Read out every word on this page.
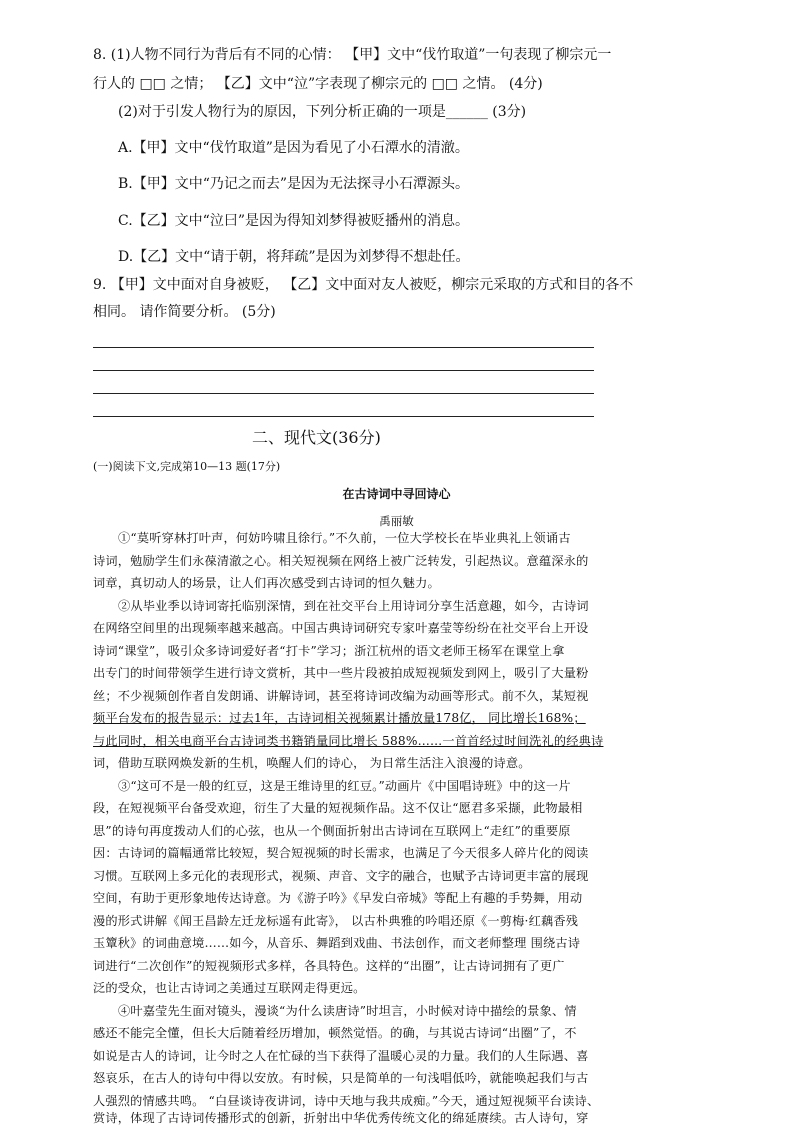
8. (1)人物不同行为背后有不同的心情： 【甲】文中“伐竹取道”一句表现了柳宗元一
行人的 □□ 之情； 【乙】文中“泣”字表现了柳宗元的 □□ 之情。 (4分)
(2)对于引发人物行为的原因，下列分析正确的一项是______ (3分)
A.【甲】文中“伐竹取道”是因为看见了小石潭水的清澈。
B.【甲】文中“乃记之而去”是因为无法探寻小石潭源头。
C.【乙】文中“泣曰”是因为得知刘梦得被贬播州的消息。
D.【乙】文中“请于朝，将拜疏”是因为刘梦得不想赴任。
9. 【甲】文中面对自身被贬， 【乙】文中面对友人被贬，柳宗元采取的方式和目的各不
相同。 请作简要分析。 (5分)
二、现代文(36分)
(一)阅读下文,完成第10—13 题(17分)
在古诗词中寻回诗心
禹丽敏
①“莫听穿林打叶声，何妨吟啸且徐行。”不久前，一位大学校长在毕业典礼上领诵古
诗词，勉励学生们永葆清澈之心。相关短视频在网络上被广泛转发，引起热议。意蕴深永的
词章，真切动人的场景，让人们再次感受到古诗词的恒久魅力。
②从毕业季以诗词寄托临别深情，到在社交平台上用诗词分享生活意趣，如今，古诗词
在网络空间里的出现频率越来越高。中国古典诗词研究专家叶嘉莹等纷纷在社交平台上开设
诗词“课堂”，吸引众多诗词爱好者“打卡”学习；浙江杭州的语文老师王杨军在课堂上拿
出专门的时间带领学生进行诗文赏析，其中一些片段被拍成短视频发到网上，吸引了大量粉
丝；不少视频创作者自发朗诵、讲解诗词，甚至将诗词改编为动画等形式。前不久，某短视
频平台发布的报告显示：过去1年，古诗词相关视频累计播放量178亿， 同比增长168%；
与此同时，相关电商平台古诗词类书籍销量同比增长 588%……一首首经过时间洗礼的经典诗
词，借助互联网焕发新的生机，唤醒人们的诗心， 为日常生活注入浪漫的诗意。
③“这可不是一般的红豆，这是王维诗里的红豆。”动画片《中国唱诗班》中的这一片
段，在短视频平台备受欢迎，衍生了大量的短视频作品。这不仅让“愿君多采撷，此物最相
思”的诗句再度拨动人们的心弦，也从一个侧面折射出古诗词在互联网上“走红”的重要原
因：古诗词的篇幅通常比较短，契合短视频的时长需求，也满足了今天很多人碎片化的阅读
习惯。互联网上多元化的表现形式，视频、声音、文字的融合，也赋予古诗词更丰富的展现
空间，有助于更形象地传达诗意。为《游子吟》《早发白帝城》等配上有趣的手势舞，用动
漫的形式讲解《闻王昌龄左迁龙标遥有此寄》， 以古朴典雅的吟唱还原《一剪梅·红藕香残
玉簟秋》的词曲意境……如今，从音乐、舞蹈到戏曲、书法创作，而文老师整理 围绕古诗
词进行“二次创作”的短视频形式多样，各具特色。这样的“出圈”，让古诗词拥有了更广
泛的受众，也让古诗词之美通过互联网走得更远。
④叶嘉莹先生面对镜头，漫谈“为什么读唐诗”时坦言，小时候对诗中描绘的景象、情
感还不能完全懂，但长大后随着经历增加，顿然觉悟。的确，与其说古诗词“出圈”了，不
如说是古人的诗词，让今时之人在忙碌的当下获得了温暖心灵的力量。我们的人生际遇、喜
怒哀乐，在古人的诗句中得以安放。有时候，只是简单的一句浅唱低吟，就能唤起我们与古
人强烈的情感共鸣。 “白昼谈诗夜讲词，诗中天地与我共成痴。”今天，通过短视频平台读诗、
赏诗，体现了古诗词传播形式的创新，折射出中华优秀传统文化的绵延赓续。古人诗句，穿
